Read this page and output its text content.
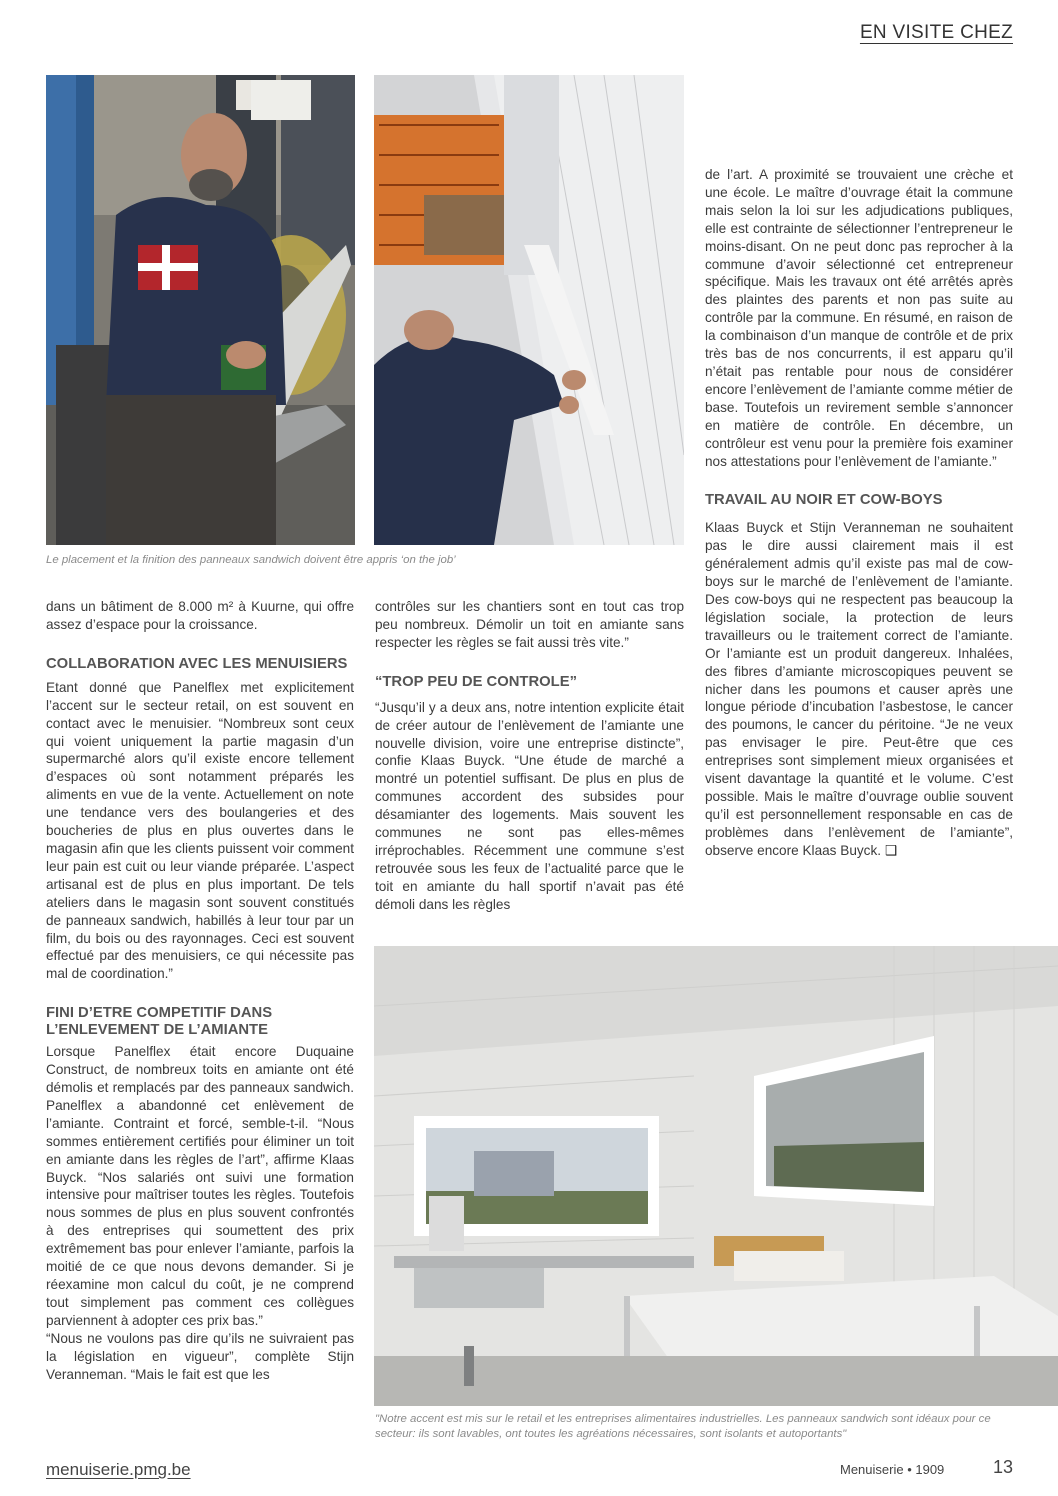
EN VISITE CHEZ
Le placement et la finition des panneaux sandwich doivent être appris ‘on the job’

dans un bâtiment de 8.000 m² à Kuurne, qui offre assez d’espace pour la croissance.

COLLABORATION AVEC LES MENUISIERS

Etant donné que Panelflex met explicitement l’accent sur le secteur retail, on est souvent en contact avec le menuisier. “Nombreux sont ceux qui voient uniquement la partie magasin d’un supermarché alors qu’il existe encore tellement d’espaces où sont notamment préparés les aliments en vue de la vente. Actuellement on note une tendance vers des boulangeries et des boucheries de plus en plus ouvertes dans le magasin afin que les clients puissent voir comment leur pain est cuit ou leur viande préparée. L’aspect artisanal est de plus en plus important. De tels ateliers dans le magasin sont souvent constitués de panneaux sandwich, habillés à leur tour par un film, du bois ou des rayonnages. Ceci est souvent effectué par des menuisiers, ce qui nécessite pas mal de coordination.”

FINI D’ETRE COMPETITIF DANS
L’ENLEVEMENT DE L’AMIANTE

Lorsque Panelflex était encore Duquaine Construct, de nombreux toits en amiante ont été démolis et remplacés par des panneaux sandwich. Panelflex a abandonné cet enlèvement de l’amiante. Contraint et forcé, semble-t-il. “Nous sommes entièrement certifiés pour éliminer un toit en amiante dans les règles de l’art”, affirme Klaas Buyck. “Nos salariés ont suivi une formation intensive pour maîtriser toutes les règles. Toutefois nous sommes de plus en plus souvent confrontés à des entreprises qui soumettent des prix extrêmement bas pour enlever l’amiante, parfois la moitié de ce que nous devons demander. Si je réexamine mon calcul du coût, je ne comprend tout simplement pas comment ces collègues parviennent à adopter ces prix bas.”

“Nous ne voulons pas dire qu’ils ne suivraient pas la législation en vigueur”, complète Stijn Veranneman. “Mais le fait est que les

contrôles sur les chantiers sont en tout cas trop peu nombreux. Démolir un toit en amiante sans respecter les règles se fait aussi très vite.”

“TROP PEU DE CONTROLE”

“Jusqu’il y a deux ans, notre intention explicite était de créer autour de l’enlèvement de l’amiante une nouvelle division, voire une entreprise distincte”, confie Klaas Buyck. “Une étude de marché a montré un potentiel suffisant. De plus en plus de communes accordent des subsides pour désamianter des logements. Mais souvent les communes ne sont pas elles-mêmes irréprochables. Récemment une commune s’est retrouvée sous les feux de l’actualité parce que le toit en amiante du hall sportif n’avait pas été démoli dans les règles

de l’art. A proximité se trouvaient une crèche et une école. Le maître d’ouvrage était la commune mais selon la loi sur les adjudications publiques, elle est contrainte de sélectionner l’entrepreneur le moins-disant. On ne peut donc pas reprocher à la commune d’avoir sélectionné cet entrepreneur spécifique. Mais les travaux ont été arrêtés après des plaintes des parents et non pas suite au contrôle par la commune. En résumé, en raison de la combinaison d’un manque de contrôle et de prix très bas de nos concurrents, il est apparu qu’il n’était pas rentable pour nous de considérer encore l’enlèvement de l’amiante comme métier de base. Toutefois un revirement semble s’annoncer en matière de contrôle. En décembre, un contrôleur est venu pour la première fois examiner nos attestations pour l’enlèvement de l’amiante.”

TRAVAIL AU NOIR ET COW-BOYS

Klaas Buyck et Stijn Veranneman ne souhaitent pas le dire aussi clairement mais il est généralement admis qu’il existe pas mal de cow-boys sur le marché de l’enlèvement de l’amiante. Des cow-boys qui ne respectent pas beaucoup la législation sociale, la protection de leurs travailleurs ou le traitement correct de l’amiante. Or l’amiante est un produit dangereux. Inhalées, des fibres d’amiante microscopiques peuvent se nicher dans les poumons et causer après une longue période d’incubation l’asbestose, le cancer des poumons, le cancer du péritoine. “Je ne veux pas envisager le pire. Peut-être que ces entreprises sont simplement mieux organisées et visent davantage la quantité et le volume. C’est possible. Mais le maître d’ouvrage oublie souvent qu’il est personnellement responsable en cas de problèmes dans l’enlèvement de l’amiante”, observe encore Klaas Buyck. ❑

"Notre accent est mis sur le retail et les entreprises alimentaires industrielles. Les panneaux sandwich sont idéaux pour ce secteur: ils sont lavables, ont toutes les agréations nécessaires, sont isolants et autoportants"
menuiserie.pmg.be	Menuiserie • 1909	13
